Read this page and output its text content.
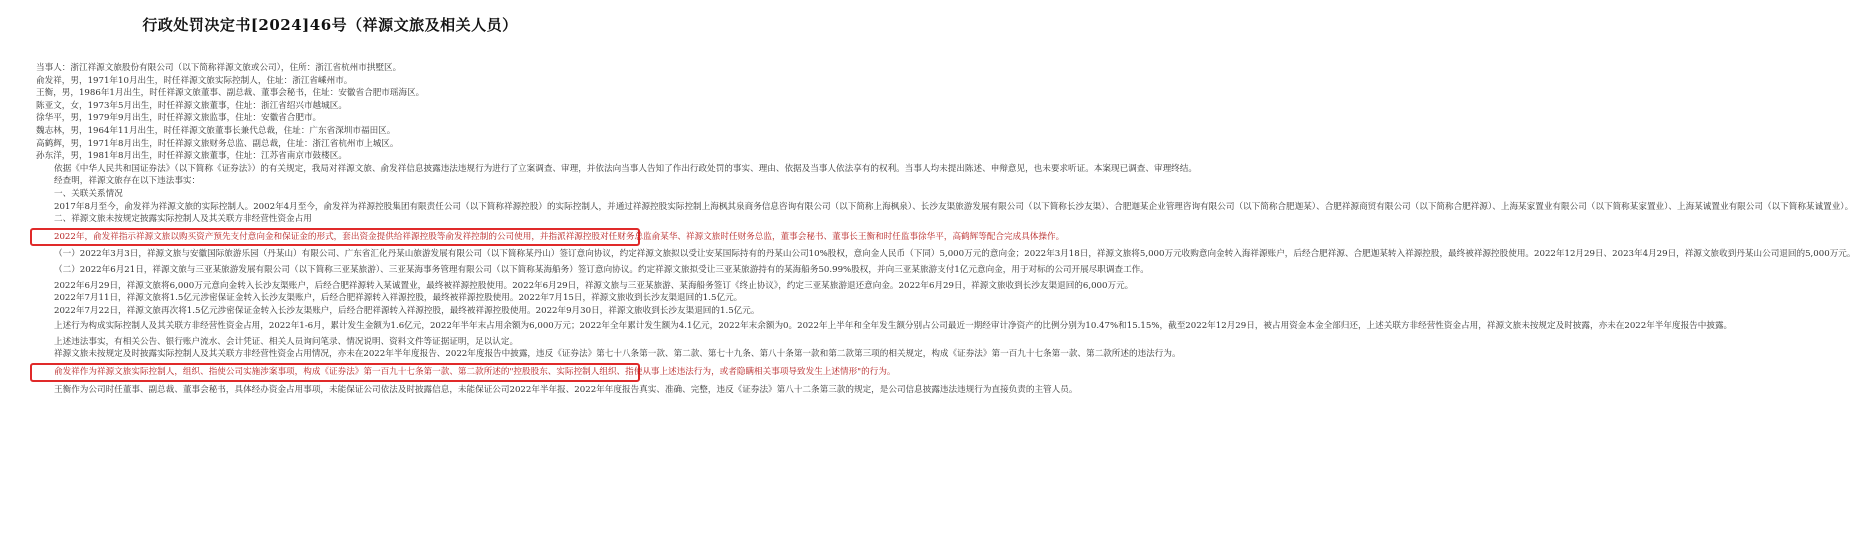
行政处罚决定书[2024]46号（祥源文旅及相关人员）
当事人：浙江祥源文旅股份有限公司（以下简称祥源文旅或公司），住所：浙江省杭州市拱墅区。
俞发祥，男，1971年10月出生，时任祥源文旅实际控制人，住址：浙江省嵊州市。
王衡，男，1986年1月出生，时任祥源文旅董事、副总裁、董事会秘书，住址：安徽省合肥市瑶海区。
陈亚文，女，1973年5月出生，时任祥源文旅董事，住址：浙江省绍兴市越城区。
徐华平，男，1979年9月出生，时任祥源文旅监事，住址：安徽省合肥市。
魏志林，男，1964年11月出生，时任祥源文旅董事长兼代总裁，住址：广东省深圳市福田区。
高鹤辉，男，1971年8月出生，时任祥源文旅财务总监、副总裁，住址：浙江省杭州市上城区。
孙东洋，男，1981年8月出生，时任祥源文旅董事，住址：江苏省南京市鼓楼区。
依据《中华人民共和国证券法》（以下简称《证券法》）的有关规定，我局对祥源文旅、俞发祥信息披露违法违规行为进行了立案调查、审理，并依法向当事人告知了作出行政处罚的事实、理由、依据及当事人依法享有的权利。当事人均未提出陈述、申辩意见，也未要求听证。本案现已调查、审理终结。
经查明，祥源文旅存在以下违法事实：
一、关联关系情况
2017年8月至今，俞发祥为祥源文旅的实际控制人。2002年4月至今，俞发祥为祥源控股集团有限责任公司（以下简称祥源控股）的实际控制人，并通过祥源控股实际控制上海枫其泉商务信息咨询有限公司（以下简称上海枫泉）、长沙友渠旅游发展有限公司（以下简称长沙友渠）、合肥迦某企业管理咨询有限公司（以下简称合肥迦某）、合肥祥源商贸有限公司（以下简称合肥祥源）、上海某家置业有限公司（以下简称某家置业）、上海某诚置业有限公司（以下简称某诚置业）。
二、祥源文旅未按规定披露实际控制人及其关联方非经营性资金占用
2022年，俞发祥指示祥源文旅以购买资产预先支付意向金和保证金的形式，套出资金提供给祥源控股等俞发祥控制的公司使用，并指派祥源控股对任财务总监俞某华、祥源文旅时任财务总监，董事会秘书、董事长王衡和时任监事徐华平，高鹤辉等配合完成具体操作。
（一）2022年3月3日，祥源文旅与安徽国际旅游乐园（丹某山）有限公司、广东省汇化丹某山旅游发展有限公司（以下简称某丹山）签订意向协议，约定祥源文旅拟以受让安某国际持有的丹某山公司10%股权，意向金人民币（下同）5,000万元的意向金；2022年3月18日，祥源文旅将5,000万元收购意向金转入海祥源账户，后经合肥祥源、合肥迦某转入祥源控股，最终被祥源控股使用。2022年12月29日、2023年4月29日，祥源文旅收到丹某山公司退回的5,000万元。
（二）2022年6月21日，祥源文旅与三亚某旅游发展有限公司（以下简称三亚某旅游）、三亚某海事务管理有限公司（以下简称某海船务）签订意向协议。约定祥源文旅拟受让三亚某旅游持有的某海船务50.99%股权，并向三亚某旅游支付1亿元意向金，用于对标的公司开展尽职调查工作。
2022年6月29日，祥源文旅将6,000万元意向金转入长沙友渠账户，后经合肥祥源转入某诚置业，最终被祥源控股使用。2022年6月29日，祥源文旅与三亚某旅游、某海船务签订《终止协议》，约定三亚某旅游退还意向金。2022年6月29日，祥源文旅收到长沙友渠退回的6,000万元。
2022年7月11日，祥源文旅将1.5亿元涉密保证金转入长沙友渠账户，后经合肥祥源转入祥源控股，最终被祥源控股使用。2022年7月15日，祥源文旅收到长沙友渠退回的1.5亿元。
2022年7月22日，祥源文旅再次将1.5亿元涉密保证金转入长沙友渠账户，后经合肥祥源转入祥源控股，最终被祥源控股使用。2022年9月30日，祥源文旅收到长沙友渠退回的1.5亿元。
上述行为构成实际控制人及其关联方非经营性资金占用，2022年1-6月，累计发生金额为1.6亿元，2022年半年末占用余额为6,000万元；2022年全年累计发生额为4.1亿元，2022年末余额为0。2022年上半年和全年发生额分别占公司最近一期经审计净资产的比例分别为10.47%和15.15%，截至2022年12月29日，被占用资金本金全部归还，上述关联方非经营性资金占用，祥源文旅未按规定及时披露，亦未在2022年半年度报告中披露。
上述违法事实，有相关公告、银行账户流水、会计凭证、相关人员询问笔录、情况说明、资料文件等证据证明，足以认定。
祥源文旅未按规定及时披露实际控制人及其关联方非经营性资金占用情况，亦未在2022年半年度报告、2022年度报告中披露，违反《证券法》第七十八条第一款、第二款、第七十九条、第八十条第一款和第二款第三项的相关规定，构成《证券法》第一百九十七条第一款、第二款所述的违法行为。
俞发祥作为祥源文旅实际控制人，组织、指使公司实施涉案事项，构成《证券法》第一百九十七条第一款、第二款所述的"控股股东、实际控制人组织、指使从事上述违法行为，或者隐瞒相关事项导致发生上述情形"的行为。
王衡作为公司时任董事、副总裁、董事会秘书，具体经办资金占用事项，未能保证公司依法及时披露信息，未能保证公司2022年半年报、2022年年度报告真实、准确、完整，违反《证券法》第八十二条第三款的规定，是公司信息披露违法违规行为直接负责的主管人员。
